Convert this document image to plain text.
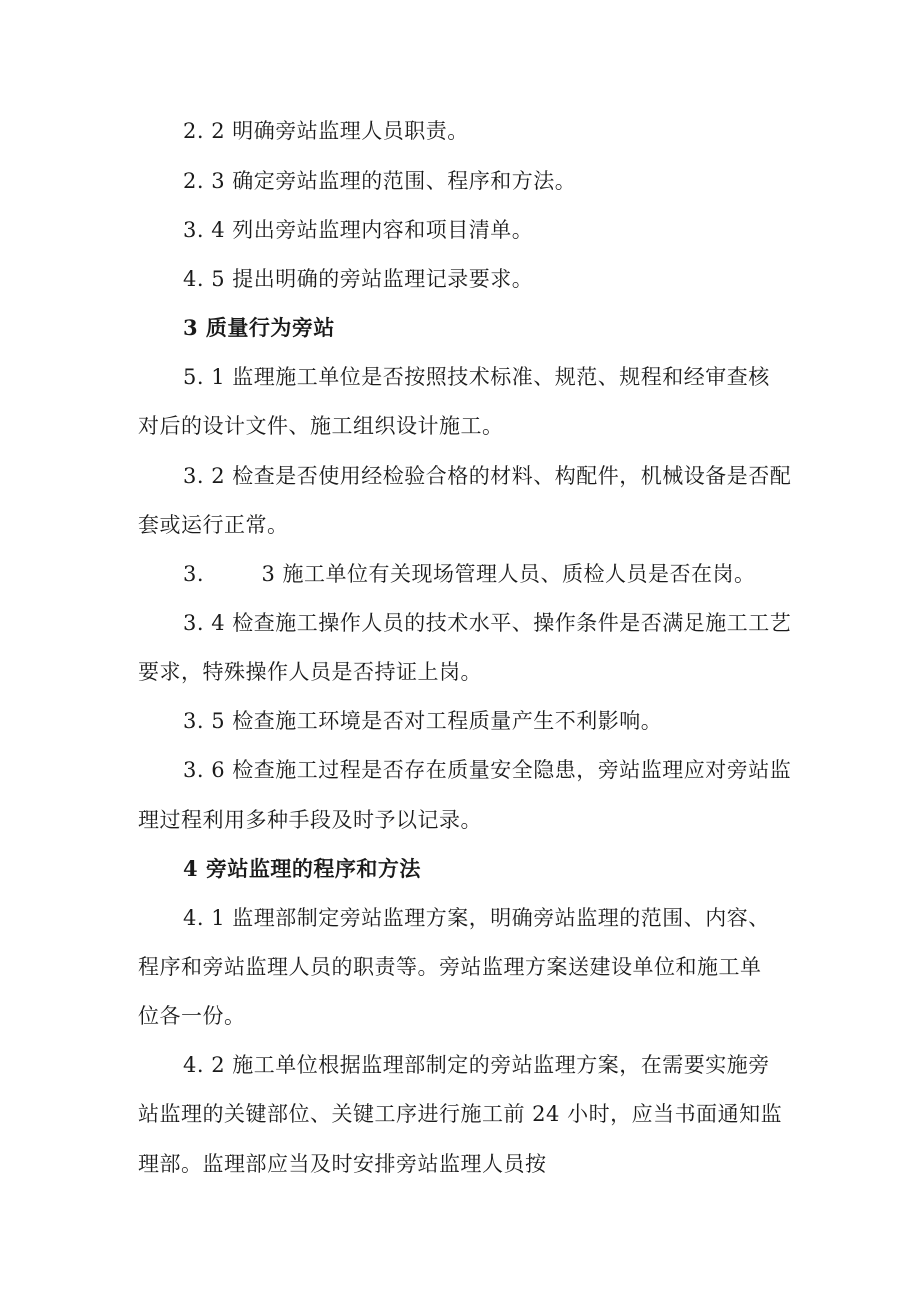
2. 2 明确旁站监理人员职责。
2. 3 确定旁站监理的范围、程序和方法。
3. 4 列出旁站监理内容和项目清单。
4. 5 提出明确的旁站监理记录要求。
3 质量行为旁站
5. 1 监理施工单位是否按照技术标准、规范、规程和经审查核
对后的设计文件、施工组织设计施工。
3. 2 检查是否使用经检验合格的材料、构配件，机械设备是否配
套或运行正常。
3.        3 施工单位有关现场管理人员、质检人员是否在岗。
3. 4 检查施工操作人员的技术水平、操作条件是否满足施工工艺
要求，特殊操作人员是否持证上岗。
3. 5 检查施工环境是否对工程质量产生不利影响。
3. 6 检查施工过程是否存在质量安全隐患，旁站监理应对旁站监
理过程利用多种手段及时予以记录。
4 旁站监理的程序和方法
4. 1 监理部制定旁站监理方案，明确旁站监理的范围、内容、
程序和旁站监理人员的职责等。旁站监理方案送建设单位和施工单
位各一份。
4. 2 施工单位根据监理部制定的旁站监理方案，在需要实施旁
站监理的关键部位、关键工序进行施工前 24 小时，应当书面通知监
理部。监理部应当及时安排旁站监理人员按
